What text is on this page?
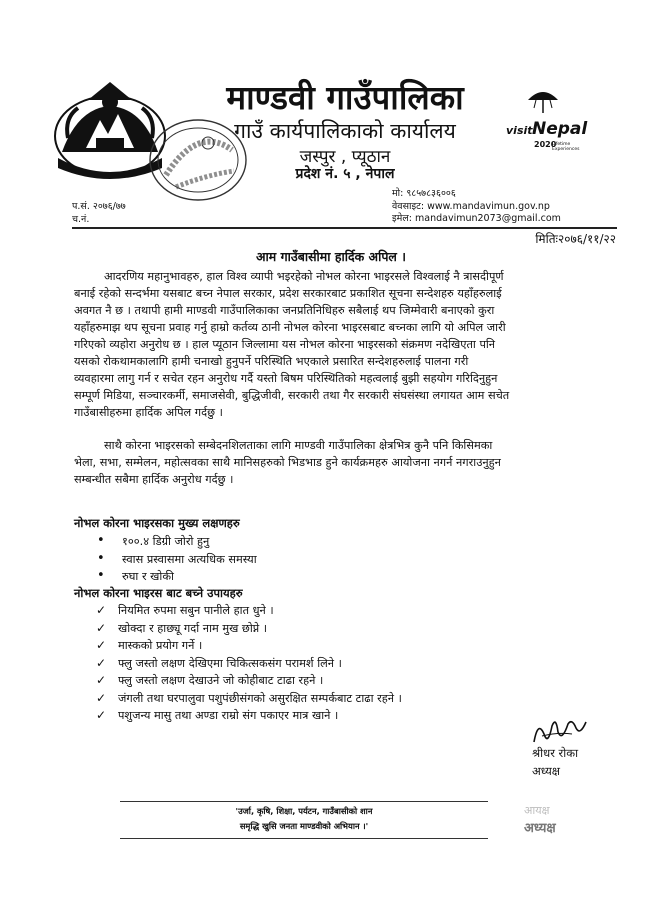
माण्डवी गाउँपालिका
गाउँ कार्यपालिकाको कार्यालय
जस्पुर , प्यूठान
प्रदेश नं. ५ , नेपाल
visit Nepal
2020
Lifetime Experiences
मो: ९८५७८३६००६
वेवसाइट: www.mandavimun.gov.np
इमेल: mandavimun2073@gmail.com
प.सं. २०७६/७७
च.नं.
मितिः२०७६/११/२२
आम गाउँबासीमा हार्दिक अपिल ।
आदरणिय महानुभावहरु, हाल विश्व व्यापी भइरहेको नोभल कोरना भाइरसले विश्वलाई नै त्रासदीपूर्ण
बनाई रहेको सन्दर्भमा यसबाट बच्न नेपाल सरकार, प्रदेश सरकारबाट प्रकाशित सूचना सन्देशहरु यहाँहरुलाई
अवगत नै छ । तथापी हामी माण्डवी गाउँपालिकाका जनप्रतिनिधिहरु सबैलाई थप जिम्मेवारी बनाएको कुरा
यहाँहरुमाझ थप सूचना प्रवाह गर्नु हाम्रो कर्तव्य ठानी नोभल कोरना भाइरसबाट बच्नका लागि यो अपिल जारी
गरिएको व्यहोरा अनुरोध छ । हाल प्यूठान जिल्लामा यस नोभल कोरना भाइरसको संक्रमण नदेखिएता पनि
यसको रोकथामकालागि हामी चनाखो हुनुपर्ने परिस्थिति भएकाले प्रसारित सन्देशहरुलाई पालना गरी
व्यवहारमा लागु गर्न र सचेत रहन अनुरोध गर्दै यस्तो बिषम परिस्थितिको महत्वलाई बुझी सहयोग गरिदिनुहुन
सम्पूर्ण मिडिया, सञ्चारकर्मी, समाजसेवी, बुद्धिजीवी, सरकारी तथा गैर सरकारी संघसंस्था लगायत आम सचेत
गाउँबासीहरुमा हार्दिक अपिल गर्दछु ।
साथै कोरना भाइरसको सम्बेदनशिलताका लागि माण्डवी गाउँपालिका क्षेत्रभित्र कुनै पनि किसिमका
भेला, सभा, सम्मेलन, महोत्सवका साथै मानिसहरुको भिडभाड हुने कार्यक्रमहरु आयोजना नगर्न नगराउनुहुन
सम्बन्धीत सबैमा हार्दिक अनुरोध गर्दछु ।
नोभल कोरना भाइरसका मुख्य लक्षणहरु
• १००.४ डिग्री जोरो हुनु
• स्वास प्रस्वासमा अत्यधिक समस्या
• रुघा र खोकी
नोभल कोरना भाइरस बाट बच्ने उपायहरु
✓ नियमित रुपमा सबुन पानीले हात धुने ।
✓ खोक्दा र हाछ्यू गर्दा नाम मुख छोप्ने ।
✓ मास्कको प्रयोग गर्ने ।
✓ फ्लु जस्तो लक्षण देखिएमा चिकित्सकसंग परामर्श लिने ।
✓ फ्लु जस्तो लक्षण देखाउने जो कोहीबाट टाढा रहने ।
✓ जंगली तथा घरपालुवा पशुपंछीसंगको असुरक्षित सम्पर्कबाट टाढा रहने ।
✓ पशुजन्य मासु तथा अण्डा राम्रो संग पकाएर मात्र खाने ।
श्रीधर रोका
अध्यक्ष
'उर्जा, कृषि, शिक्षा, पर्यटन, गाउँबासीको शान
समृद्धि खुसि जनता माण्डवीको अभियान ।'
आयक्ष
अध्यक्ष
